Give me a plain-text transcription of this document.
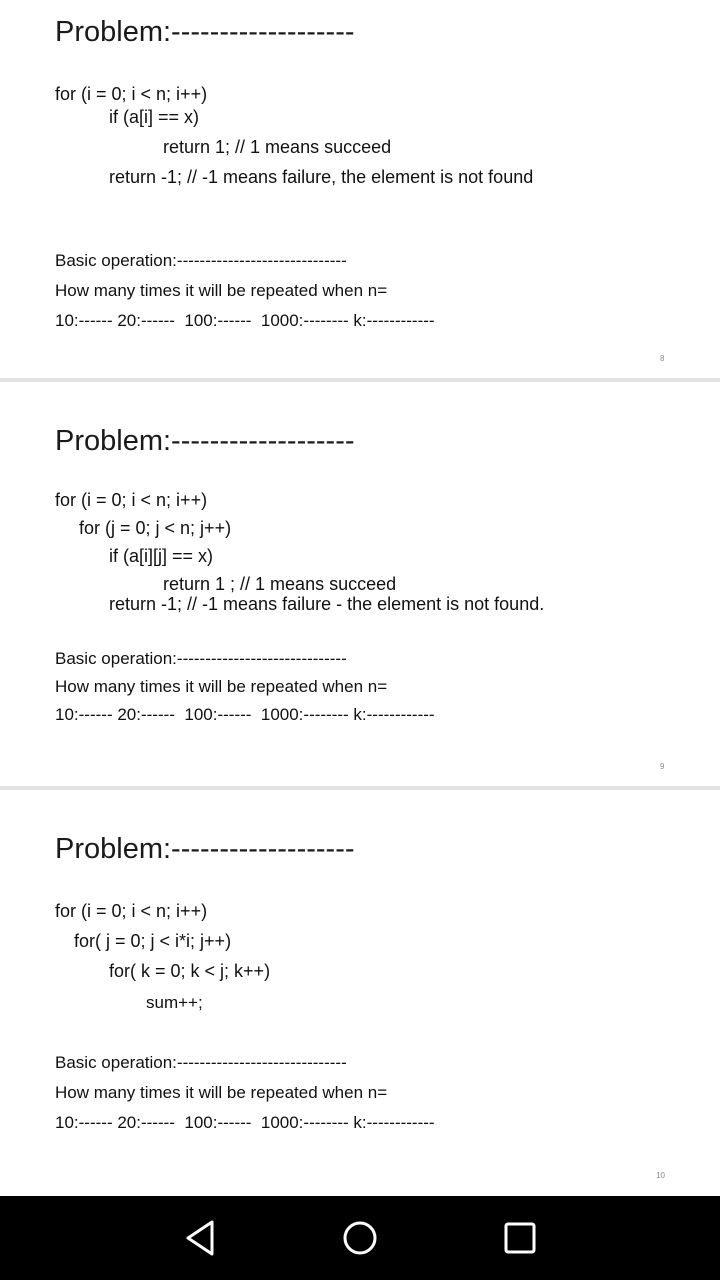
Problem:-------------------
for (i = 0; i < n; i++)
if (a[i] == x)
return 1; // 1 means succeed
return -1; // -1 means failure, the element is not found
Basic operation:------------------------------
How many times it will be repeated when n=
10:------ 20:------  100:------  1000:-------- k:------------
8
Problem:-------------------
for (i = 0; i < n; i++)
for (j = 0; j < n; j++)
if (a[i][j] == x)
return 1 ; // 1 means succeed
return -1; // -1 means failure - the element is not found.
Basic operation:------------------------------
How many times it will be repeated when n=
10:------ 20:------  100:------  1000:-------- k:------------
9
Problem:-------------------
for (i = 0; i < n; i++)
for( j = 0; j < i*i; j++)
for( k = 0; k < j; k++)
sum++;
Basic operation:------------------------------
How many times it will be repeated when n=
10:------ 20:------  100:------  1000:-------- k:------------
10
